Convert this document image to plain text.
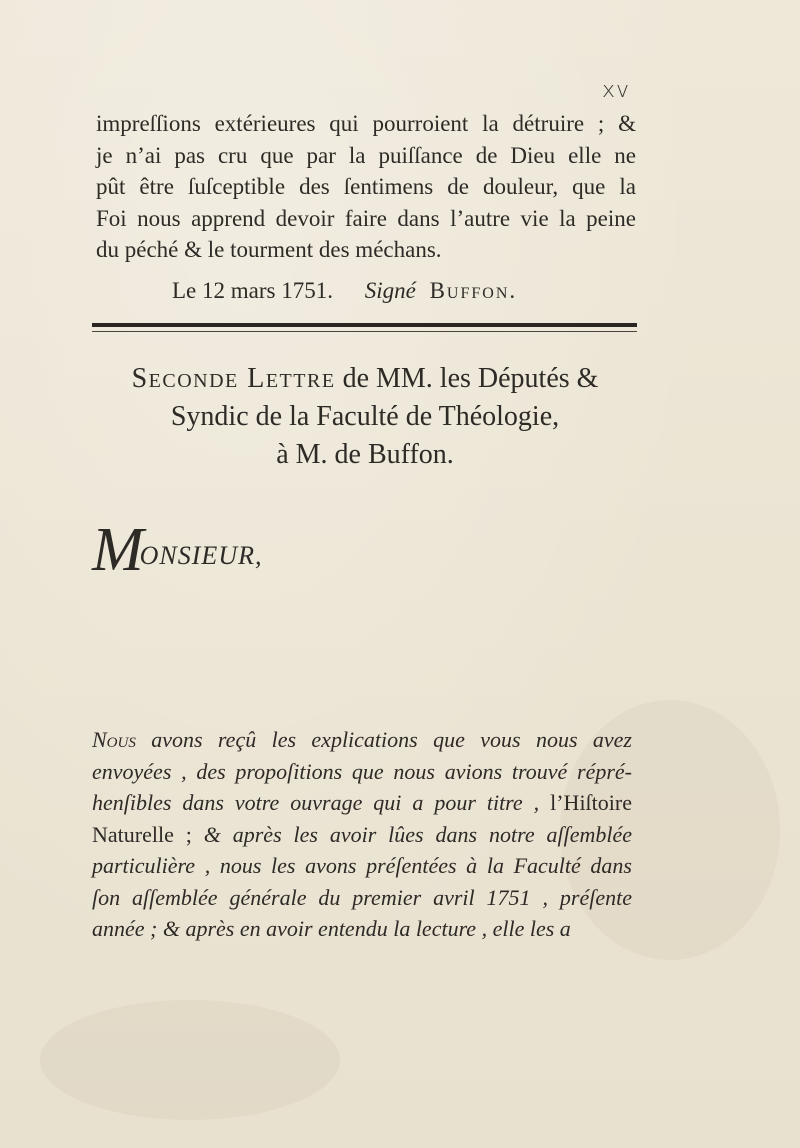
xv
impreſſions extérieures qui pourroient la détruire ; &
je n’ai pas cru que par la puiſſance de Dieu elle ne
pût être ſuſceptible des ſentimens de douleur, que la
Foi nous apprend devoir faire dans l’autre vie la peine
du péché & le tourment des méchans.
Le 12 mars 1751. Signé Buffon.
Seconde Lettre de MM. les Députés &
Syndic de la Faculté de Théologie,
à M. de Buffon.
MONSIEUR,
Nous avons reçû les explications que vous nous avez
envoyées , des propoſitions que nous avions trouvé répré-
henſibles dans votre ouvrage qui a pour titre , l’Hiſtoire
Naturelle ; & après les avoir lûes dans notre aſſemblée
particulière , nous les avons préſentées à la Faculté dans
ſon aſſemblée générale du premier avril 1751 , préſente
année ; & après en avoir entendu la lecture , elle les a
